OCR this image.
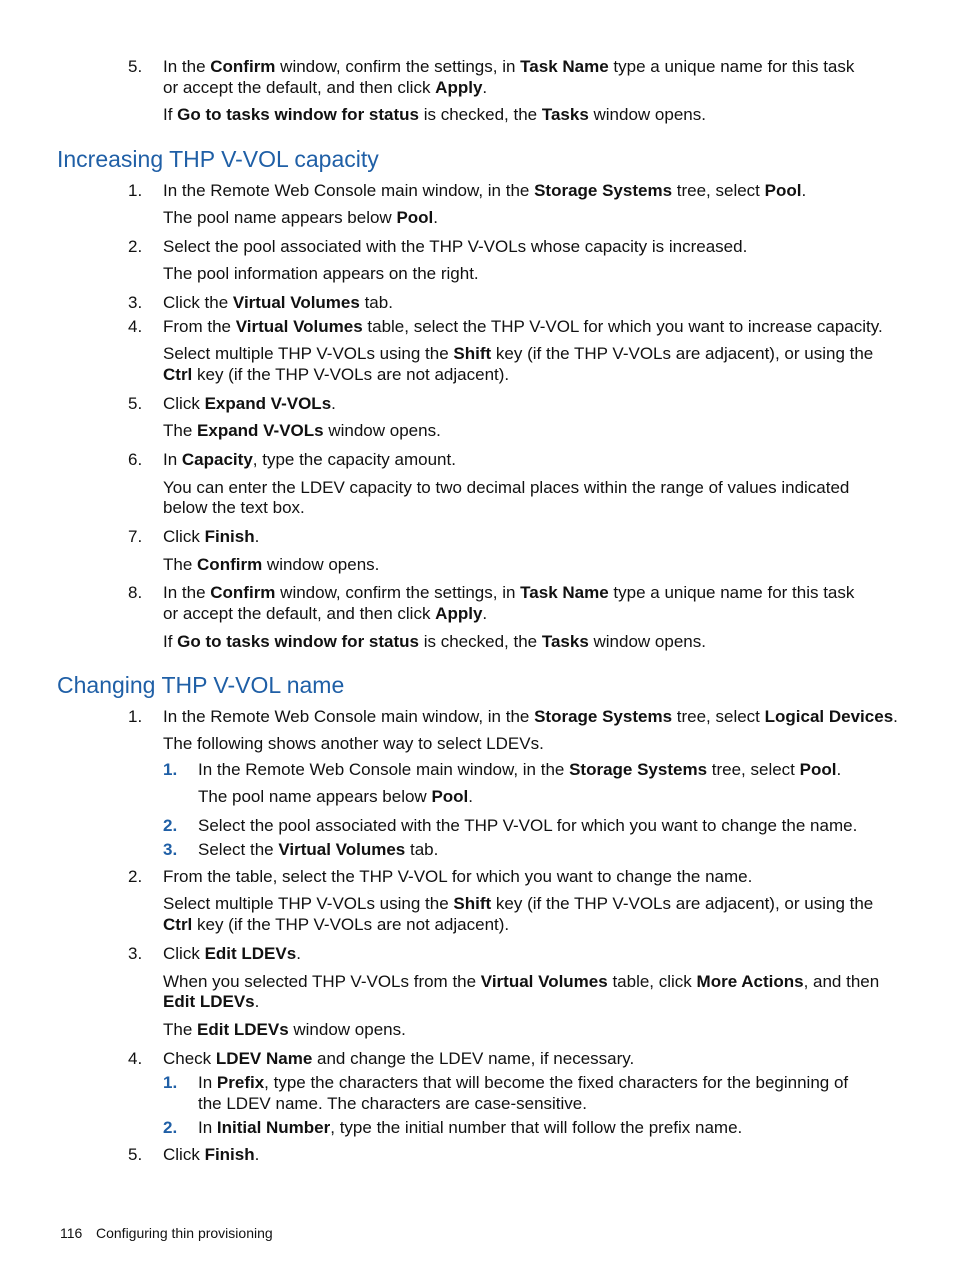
5. In the Confirm window, confirm the settings, in Task Name type a unique name for this task
or accept the default, and then click Apply.
If Go to tasks window for status is checked, the Tasks window opens.
Increasing THP V-VOL capacity
1. In the Remote Web Console main window, in the Storage Systems tree, select Pool.
The pool name appears below Pool.
2. Select the pool associated with the THP V-VOLs whose capacity is increased.
The pool information appears on the right.
3. Click the Virtual Volumes tab.
4. From the Virtual Volumes table, select the THP V-VOL for which you want to increase capacity.
Select multiple THP V-VOLs using the Shift key (if the THP V-VOLs are adjacent), or using the
Ctrl key (if the THP V-VOLs are not adjacent).
5. Click Expand V-VOLs.
The Expand V-VOLs window opens.
6. In Capacity, type the capacity amount.
You can enter the LDEV capacity to two decimal places within the range of values indicated
below the text box.
7. Click Finish.
The Confirm window opens.
8. In the Confirm window, confirm the settings, in Task Name type a unique name for this task
or accept the default, and then click Apply.
If Go to tasks window for status is checked, the Tasks window opens.
Changing THP V-VOL name
1. In the Remote Web Console main window, in the Storage Systems tree, select Logical Devices.
The following shows another way to select LDEVs.
1. In the Remote Web Console main window, in the Storage Systems tree, select Pool.
The pool name appears below Pool.
2. Select the pool associated with the THP V-VOL for which you want to change the name.
3. Select the Virtual Volumes tab.
2. From the table, select the THP V-VOL for which you want to change the name.
Select multiple THP V-VOLs using the Shift key (if the THP V-VOLs are adjacent), or using the
Ctrl key (if the THP V-VOLs are not adjacent).
3. Click Edit LDEVs.
When you selected THP V-VOLs from the Virtual Volumes table, click More Actions, and then
Edit LDEVs.
The Edit LDEVs window opens.
4. Check LDEV Name and change the LDEV name, if necessary.
1. In Prefix, type the characters that will become the fixed characters for the beginning of
the LDEV name. The characters are case-sensitive.
2. In Initial Number, type the initial number that will follow the prefix name.
5. Click Finish.
116 Configuring thin provisioning
